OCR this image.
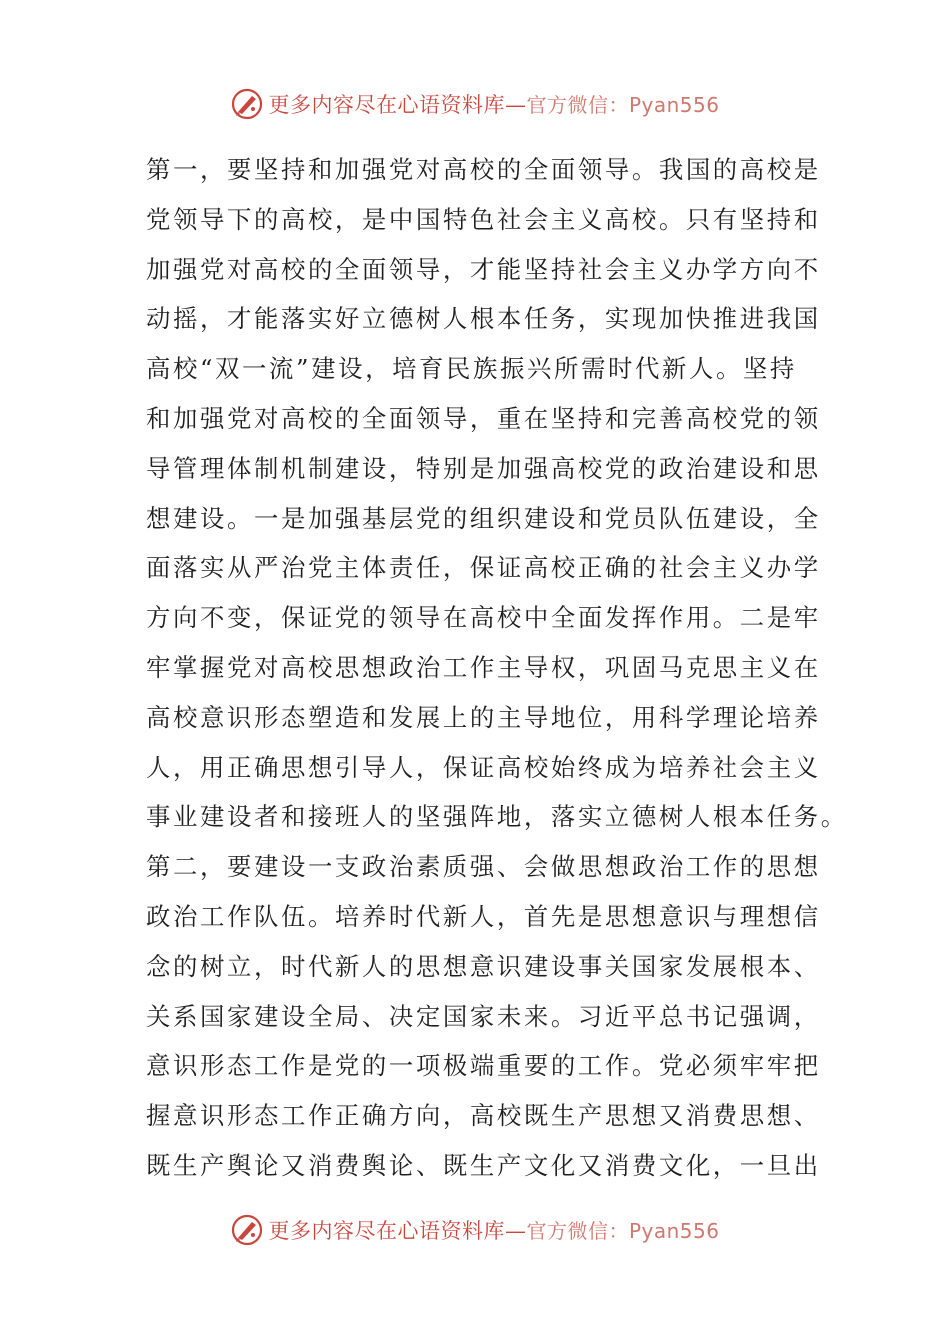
更多内容尽在心语资料库—官方微信：Pyan556
第一，要坚持和加强党对高校的全面领导。我国的高校是
党领导下的高校，是中国特色社会主义高校。只有坚持和
加强党对高校的全面领导，才能坚持社会主义办学方向不
动摇，才能落实好立德树人根本任务，实现加快推进我国
高校“双一流”建设，培育民族振兴所需时代新人。坚持
和加强党对高校的全面领导，重在坚持和完善高校党的领
导管理体制机制建设，特别是加强高校党的政治建设和思
想建设。一是加强基层党的组织建设和党员队伍建设，全
面落实从严治党主体责任，保证高校正确的社会主义办学
方向不变，保证党的领导在高校中全面发挥作用。二是牢
牢掌握党对高校思想政治工作主导权，巩固马克思主义在
高校意识形态塑造和发展上的主导地位，用科学理论培养
人，用正确思想引导人，保证高校始终成为培养社会主义
事业建设者和接班人的坚强阵地，落实立德树人根本任务。
第二，要建设一支政治素质强、会做思想政治工作的思想
政治工作队伍。培养时代新人，首先是思想意识与理想信
念的树立，时代新人的思想意识建设事关国家发展根本、
关系国家建设全局、决定国家未来。习近平总书记强调，
意识形态工作是党的一项极端重要的工作。党必须牢牢把
握意识形态工作正确方向，高校既生产思想又消费思想、
既生产舆论又消费舆论、既生产文化又消费文化，一旦出
更多内容尽在心语资料库—官方微信：Pyan556
